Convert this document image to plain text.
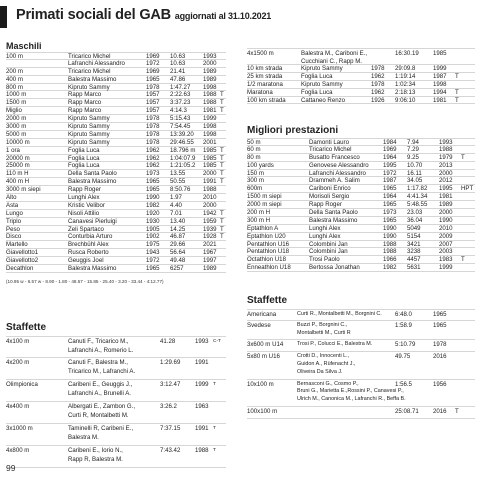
Primati sociali del GAB aggiornati al 31.10.2021
Maschili
100 m	Tricarico Michel	1969 10.63	1993
Lafranchi Alessandro	1972 10.63	2000
200 m	Tricarico Michel	1969 21.41	1989
400 m	Balestra Massimo	1965 47.86	1989
800 m	Kipruto Sammy	1978 1:47.27 1998
1000 m	Rapp Marco	1957 2:22.63 1988 T
1500 m	Rapp Marco	1957 3:37.23 1988 T
Miglio	Rapp Marco	1957 4:14.3	1981 T
2000 m	Kipruto Sammy	1978 5:15.43 1999
3000 m	Kipruto Sammy	1978 7:54.45 1998
5000 m	Kipruto Sammy	1978 13:39.20 1998
10000 m	Kipruto Sammy	1978 29:46.55 2001
1 ora	Foglia Luca	1962 18.796 m 1985 T
20000 m	Foglia Luca	1962 1:04:07.9 1985 T
25000 m	Foglia Luca	1962 1:21:05.2 1985 T
110 m H	Della Santa Paolo	1973 13.55	2000 T
400 m H	Balestra Massimo	1965 50.55	1991 T
3000 m siepi	Rapp Roger	1965 8:50.76 1988
Alto	Lunghi Alex	1990 1.97	2010
Asta	Kristic Velibor	1982 4.40	2000
Lungo	Nisoli Attilio	1920 7.01	1942 T
Triplo	Canavesi Pierluigi	1930 13.40	1959 T
Peso	Zeli Spartaco	1905 14.25	1939 T
Disco	Conturbia Arturo	1902 46.87	1928 T
Martello	Brechbühl Alex	1975 29.66	2021
Giavellotto1	Rusca Roberto	1943 56.64	1967
Giavellotto2	Geuggis Joel	1972 49.48	1997
Decathlon	Balestra Massimo	1965 6257	1989
(10.95 w - 6.57 w - 8.90 - 1.80 - 48.57 - 15.85 - 25.40 - 3.20 - 33.44 - 4:12.77)
Staffette
4x100 m	Canuti F., Tricarico M.,
Lafranchi A., Romerio L.
41.28	1993 C-T
4x200 m	Canuti F., Balestra M.,
Tricarico M., Lafranchi A.
1:29.69 1991
Olimpionica	Caribeni E., Geuggis J.,
Lafranchi A., Brunelli A.
3:12.47 1999 T
4x400 m	Albergati E., Zambon G.,
Curti R, Montalbetti M.
3:26.2	1963
3x1000 m	Taminelli R, Caribeni E.,
Balestra M.
7:37.15 1991 T
4x800 m	Caribeni E., Iorio N.,
Rapp R, Balestra M.
7:43.42 1988 T
4x1500 m	Balestra M., Cariboni E.,
Cucchiani C., Rapp M.
16:30.19 1985
10 km strada	Kipruto Sammy	1978 29:09.8	1999
25 km strada	Foglia Luca	1962 1:19:14	1987 T
1/2 maratona	Kipruto Sammy	1978 1:02:34	1998
Maratona	Foglia Luca	1962 2:18:13	1994 T
100 km strada	Cattaneo Renzo	1926 9:06:10	1981 T
Migliori prestazioni
50 m	Damonti Lauro	1984 7.94	1993
60 m	Tricarico Michel	1969 7.29	1988
80 m	Busatto Francesco	1964 9.25	1979 T
100 yards	Genovese Alessandro 1995 10.70	2013
150 m	Lafranchi Alessandro	1972 16.11	2000
300 m	Drammeh A. Salim	1987 34.05	2012
600m	Cariboni Enrico	1965 1:17.82 1995 HPT
1500 m siepi	Morisoli Sergio	1964 4:41.34 1981
2000 m siepi	Rapp Roger	1965 5:48.55 1989
200 m H	Della Santa Paolo	1973 23.03	2000
300 m H	Balestra Massimo	1965 36.04	1990
Eptathlon A	Lunghi Alex	1990 5049	2010
Eptathlon U20	Lunghi Alex	1990 5154	2009
Pentathlon U16	Colombini Jan	1988 3421	2007
Pentathlon U18	Colombini Jan	1988 3238	2003
Octathlon U18	Trosi Paolo	1966 4457	1983 T
Enneathlon U18	Bertossa Jonathan	1982 5631	1999
Staffette
Americana	Curti R., Montalbetti M., Borgnini C. 6:48.0	1965
Svedese	Buzzi P., Borgnini C.,
Montalbetti M., Curti R
1:58.9	1965
3x600 m U14	Trosi P., Colucci E., Balestra M.	5:10.79	1978
5x80 m U16	Crotti D., Innocenti L.,
Guidon A., Rüfenacht J.,
Oliveira Da Silva J.
49.75	2016
10x100 m	Bernasconi G., Cosmo P.,
Bruni G., Marietta E.,Rossini P., Canavesi P.,
Ulrich M., Canonica M., Lafranchi R., Beffa B.
1:56.5	1956
100x100 m	25:08.71 2016 T
99
